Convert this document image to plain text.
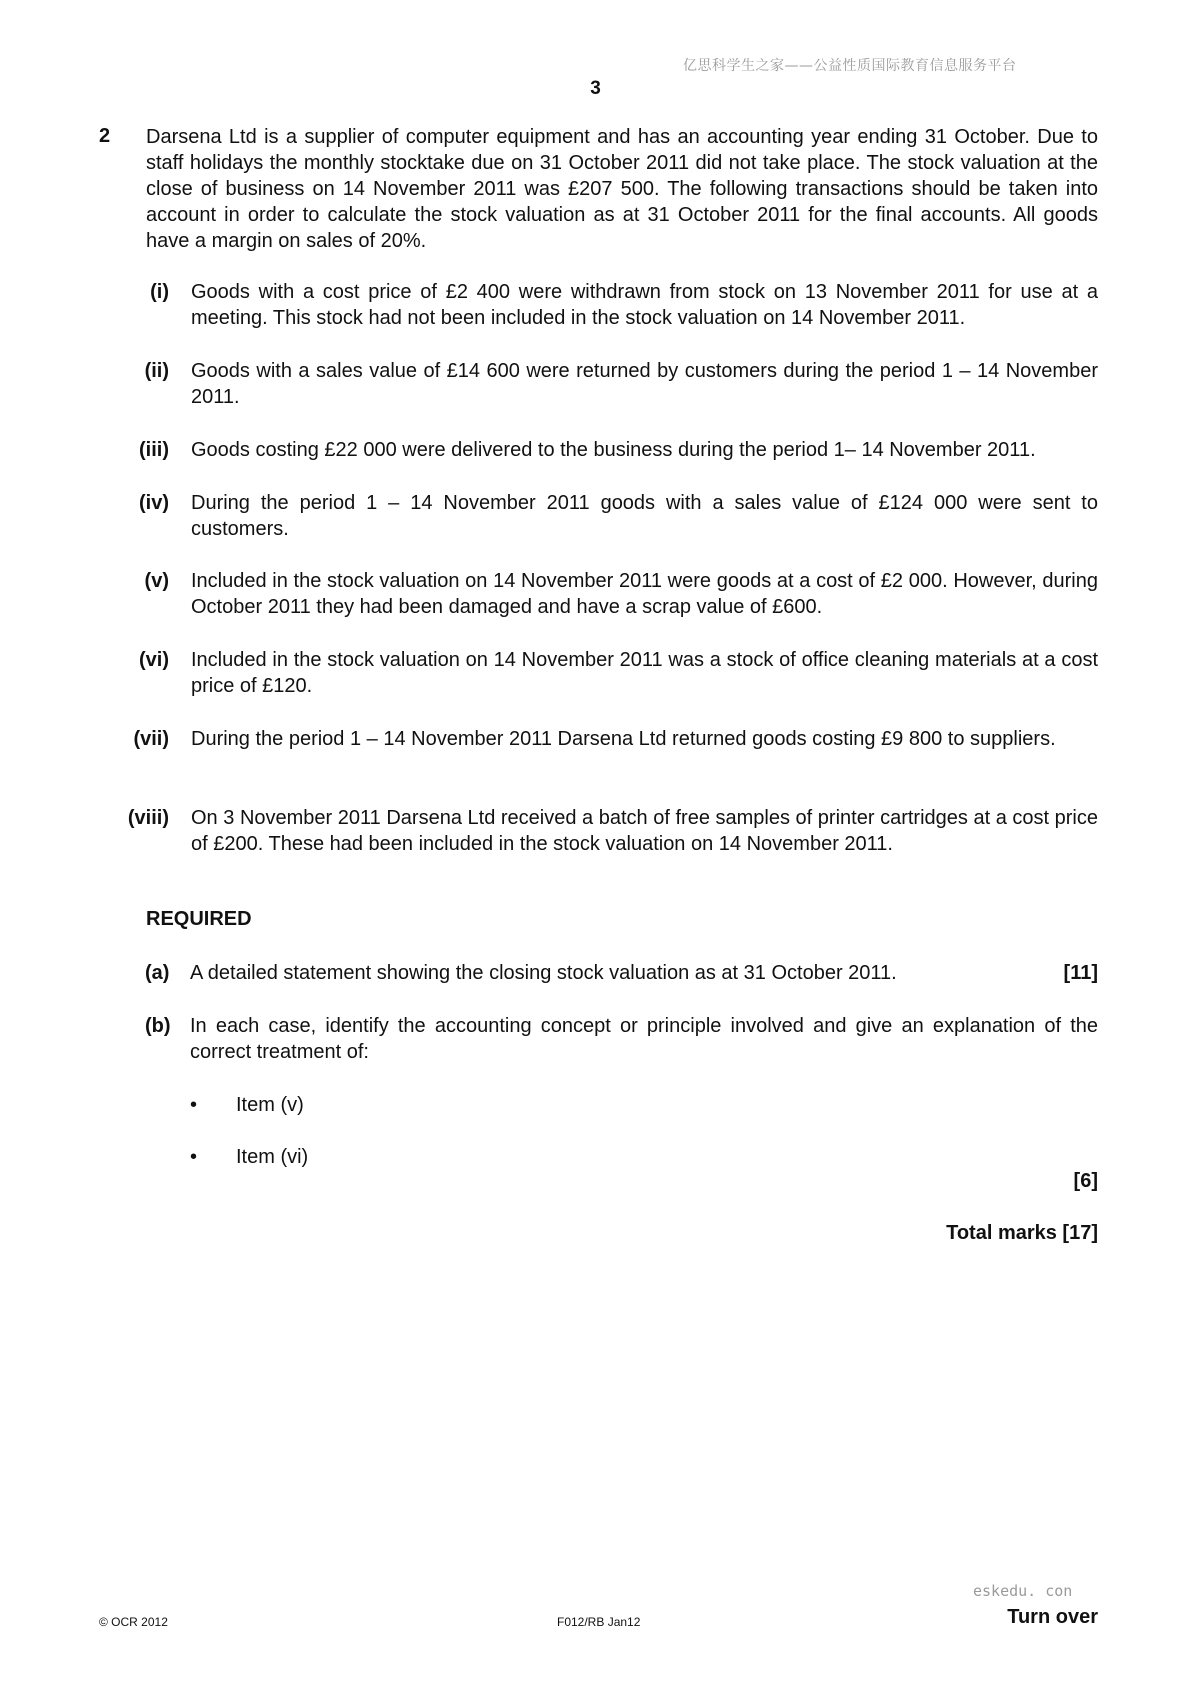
亿思科学生之家——公益性质国际教育信息服务平台
3
2 Darsena Ltd is a supplier of computer equipment and has an accounting year ending 31 October. Due to staff holidays the monthly stocktake due on 31 October 2011 did not take place. The stock valuation at the close of business on 14 November 2011 was £207 500. The following transactions should be taken into account in order to calculate the stock valuation as at 31 October 2011 for the final accounts. All goods have a margin on sales of 20%.
(i) Goods with a cost price of £2 400 were withdrawn from stock on 13 November 2011 for use at a meeting. This stock had not been included in the stock valuation on 14 November 2011.
(ii) Goods with a sales value of £14 600 were returned by customers during the period 1 – 14 November 2011.
(iii) Goods costing £22 000 were delivered to the business during the period 1– 14 November 2011.
(iv) During the period 1 – 14 November 2011 goods with a sales value of £124 000 were sent to customers.
(v) Included in the stock valuation on 14 November 2011 were goods at a cost of £2 000. However, during October 2011 they had been damaged and have a scrap value of £600.
(vi) Included in the stock valuation on 14 November 2011 was a stock of office cleaning materials at a cost price of £120.
(vii) During the period 1 – 14 November 2011 Darsena Ltd returned goods costing £9 800 to suppliers.
(viii) On 3 November 2011 Darsena Ltd received a batch of free samples of printer cartridges at a cost price of £200. These had been included in the stock valuation on 14 November 2011.
REQUIRED
(a) A detailed statement showing the closing stock valuation as at 31 October 2011.	[11]
(b) In each case, identify the accounting concept or principle involved and give an explanation of the correct treatment of:
• Item (v)
• Item (vi)
[6]
Total marks [17]
eskedu. con
© OCR 2012	F012/RB Jan12	Turn over
